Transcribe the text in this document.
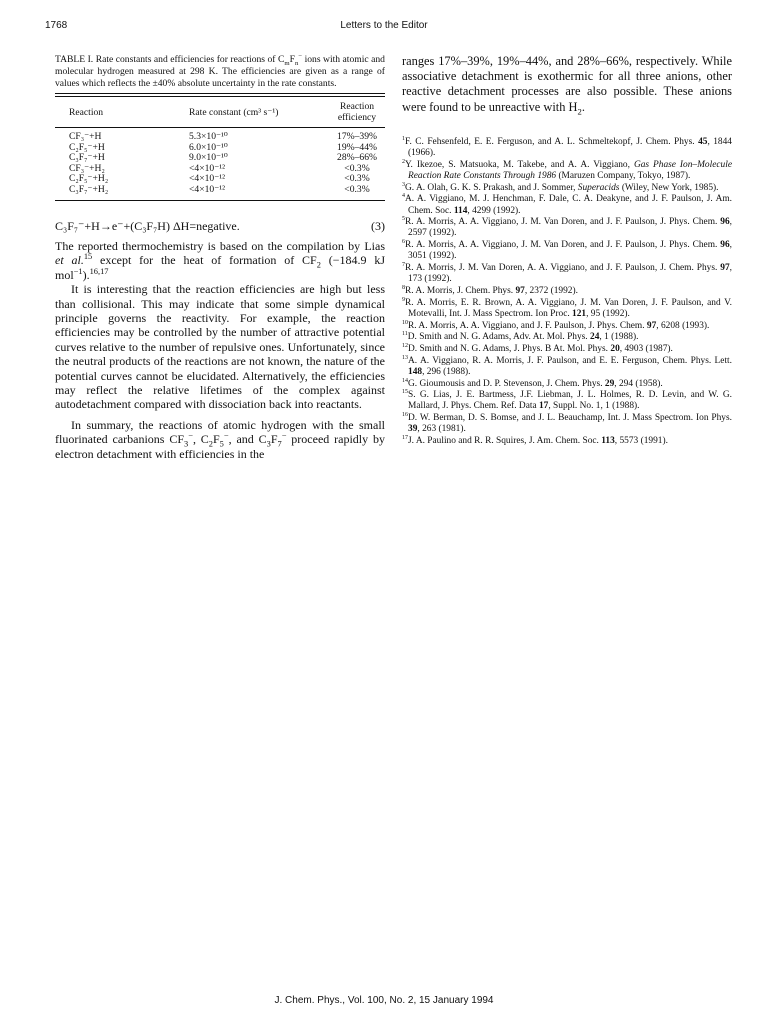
1768	Letters to the Editor
TABLE I. Rate constants and efficiencies for reactions of $C_mF_n^-$ ions with atomic and molecular hydrogen measured at 298 K. The efficiencies are given as a range of values which reflects the ±40% absolute uncertainty in the rate constants.
Reaction	Rate constant (cm³ s⁻¹)	Reaction efficiency

CF₃⁻+H	5.3×10⁻¹⁰	17%–39%
C₂F₅⁻+H	6.0×10⁻¹⁰	19%–44%
C₃F₇⁻+H	9.0×10⁻¹⁰	28%–66%
CF₃⁻+H₂	<4×10⁻¹²	<0.3%
C₂F₅⁻+H₂	<4×10⁻¹²	<0.3%
C₃F₇⁻+H₂	<4×10⁻¹²	<0.3%
C₃F₇⁻+H→e⁻+(C₃F₇H) ΔH=negative.	(3)

The reported thermochemistry is based on the compilation by Lias et al.$^{15}$ except for the heat of formation of $CF_2$ (−184.9 kJ mol$^{-1}$).$^{16,17}$

It is interesting that the reaction efficiencies are high but less than collisional. This may indicate that some simple dynamical principle governs the reactivity. For example, the reaction efficiencies may be controlled by the number of attractive potential curves relative to the number of repulsive ones. Unfortunately, since the neutral products of the reactions are not known, the nature of the potential curves cannot be elucidated. Alternatively, the efficiencies may reflect the relative lifetimes of the complex against autodetachment compared with dissociation back into reactants.

In summary, the reactions of atomic hydrogen with the small fluorinated carbanions $CF_3^-$, $C_2F_5^-$, and $C_3F_7^-$ proceed rapidly by electron detachment with efficiencies in the

ranges 17%–39%, 19%–44%, and 28%–66%, respectively. While associative detachment is exothermic for all three anions, other reactive detachment processes are also possible. These anions were found to be unreactive with $H_2$.

$^1$F. C. Fehsenfeld, E. E. Ferguson, and A. L. Schmeltekopf, J. Chem. Phys. 45, 1844 (1966).
$^2$Y. Ikezoe, S. Matsuoka, M. Takebe, and A. A. Viggiano, Gas Phase Ion–Molecule Reaction Rate Constants Through 1986 (Maruzen Company, Tokyo, 1987).
$^3$G. A. Olah, G. K. S. Prakash, and J. Sommer, Superacids (Wiley, New York, 1985).
$^4$A. A. Viggiano, M. J. Henchman, F. Dale, C. A. Deakyne, and J. F. Paulson, J. Am. Chem. Soc. 114, 4299 (1992).
$^5$R. A. Morris, A. A. Viggiano, J. M. Van Doren, and J. F. Paulson, J. Phys. Chem. 96, 2597 (1992).
$^6$R. A. Morris, A. A. Viggiano, J. M. Van Doren, and J. F. Paulson, J. Phys. Chem. 96, 3051 (1992).
$^7$R. A. Morris, J. M. Van Doren, A. A. Viggiano, and J. F. Paulson, J. Chem. Phys. 97, 173 (1992).
$^8$R. A. Morris, J. Chem. Phys. 97, 2372 (1992).
$^9$R. A. Morris, E. R. Brown, A. A. Viggiano, J. M. Van Doren, J. F. Paulson, and V. Motevalli, Int. J. Mass Spectrom. Ion Proc. 121, 95 (1992).
$^{10}$R. A. Morris, A. A. Viggiano, and J. F. Paulson, J. Phys. Chem. 97, 6208 (1993).
$^{11}$D. Smith and N. G. Adams, Adv. At. Mol. Phys. 24, 1 (1988).
$^{12}$D. Smith and N. G. Adams, J. Phys. B At. Mol. Phys. 20, 4903 (1987).
$^{13}$A. A. Viggiano, R. A. Morris, J. F. Paulson, and E. E. Ferguson, Chem. Phys. Lett. 148, 296 (1988).
$^{14}$G. Gioumousis and D. P. Stevenson, J. Chem. Phys. 29, 294 (1958).
$^{15}$S. G. Lias, J. E. Bartmess, J.F. Liebman, J. L. Holmes, R. D. Levin, and W. G. Mallard, J. Phys. Chem. Ref. Data 17, Suppl. No. 1, 1 (1988).
$^{16}$D. W. Berman, D. S. Bomse, and J. L. Beauchamp, Int. J. Mass Spectrom. Ion Phys. 39, 263 (1981).
$^{17}$J. A. Paulino and R. R. Squires, J. Am. Chem. Soc. 113, 5573 (1991).
J. Chem. Phys., Vol. 100, No. 2, 15 January 1994
